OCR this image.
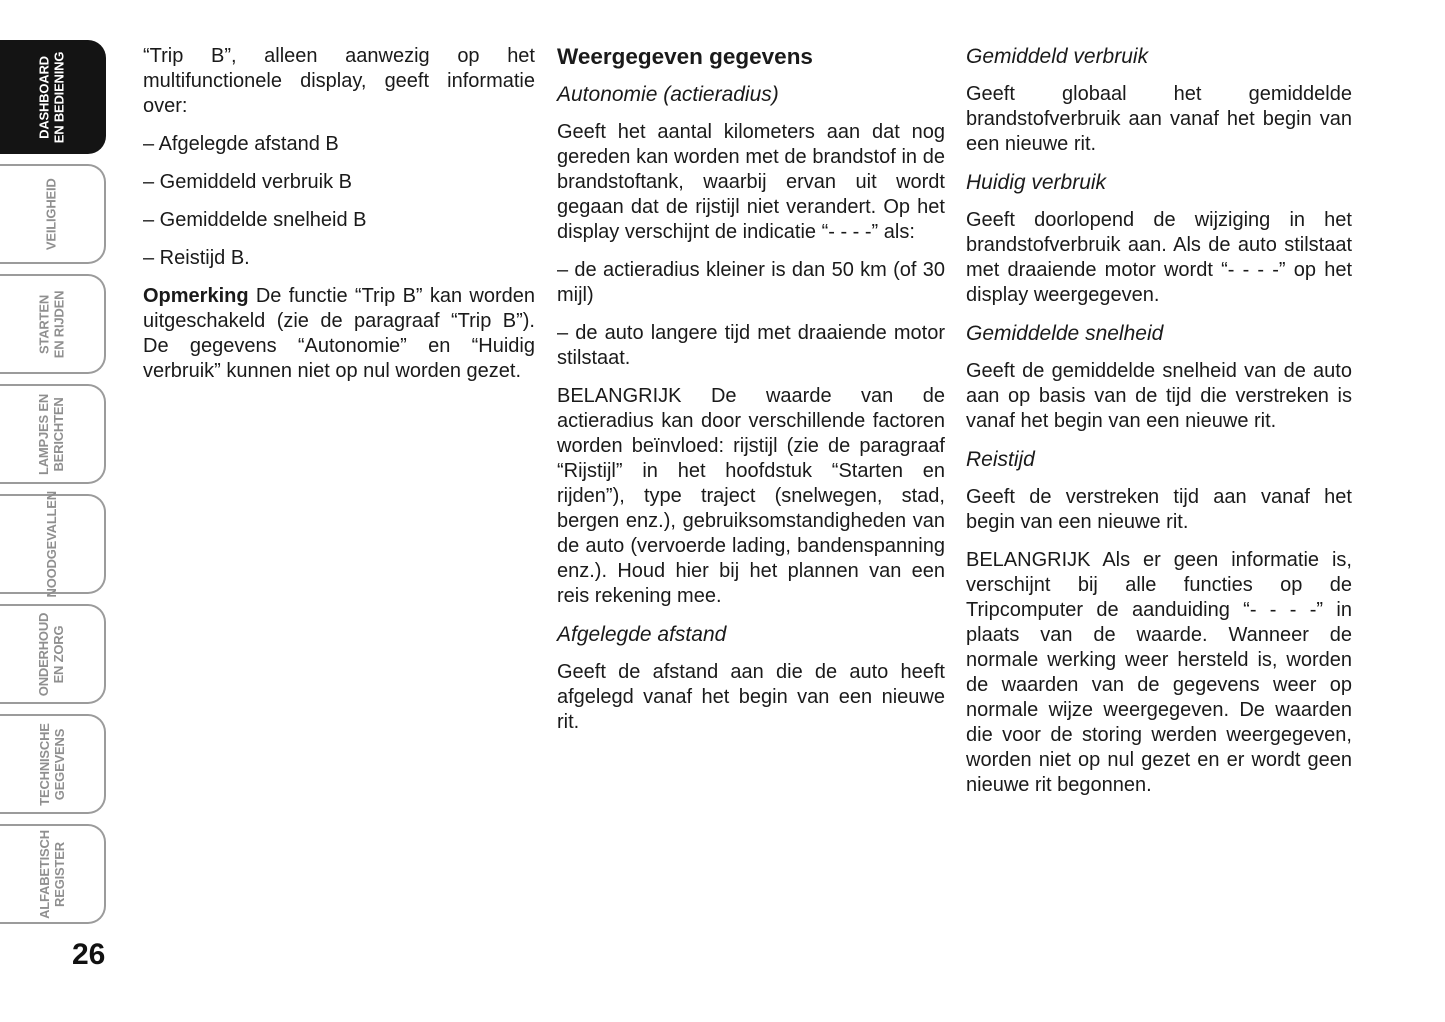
DASHBOARD EN BEDIENING
VEILIGHEID
STARTEN EN RIJDEN
LAMPJES EN BERICHTEN
NOODGEVALLEN
ONDERHOUD EN ZORG
TECHNISCHE GEGEVENS
ALFABETISCH REGISTER
26

“Trip B”, alleen aanwezig op het multifunctionele display, geeft informatie over:

– Afgelegde afstand B

– Gemiddeld verbruik B

– Gemiddelde snelheid B

– Reistijd B.

Opmerking De functie “Trip B” kan worden uitgeschakeld (zie de paragraaf “Trip B”). De gegevens “Autonomie” en “Huidig verbruik” kunnen niet op nul worden gezet.

Weergegeven gegevens
Autonomie (actieradius)

Geeft het aantal kilometers aan dat nog gereden kan worden met de brandstof in de brandstoftank, waarbij ervan uit wordt gegaan dat de rijstijl niet verandert. Op het display verschijnt de indicatie “- - - -” als:

– de actieradius kleiner is dan 50 km (of 30 mijl)

– de auto langere tijd met draaiende motor stilstaat.

BELANGRIJK De waarde van de actieradius kan door verschillende factoren worden beïnvloed: rijstijl (zie de paragraaf “Rijstijl” in het hoofdstuk “Starten en rijden”), type traject (snelwegen, stad, bergen enz.), gebruiksomstandigheden van de auto (vervoerde lading, bandenspanning enz.). Houd hier bij het plannen van een reis rekening mee.

Afgelegde afstand

Geeft de afstand aan die de auto heeft afgelegd vanaf het begin van een nieuwe rit.

Gemiddeld verbruik

Geeft globaal het gemiddelde brandstofverbruik aan vanaf het begin van een nieuwe rit.

Huidig verbruik

Geeft doorlopend de wijziging in het brandstofverbruik aan. Als de auto stilstaat met draaiende motor wordt “- - - -” op het display weergegeven.

Gemiddelde snelheid

Geeft de gemiddelde snelheid van de auto aan op basis van de tijd die verstreken is vanaf het begin van een nieuwe rit.

Reistijd

Geeft de verstreken tijd aan vanaf het begin van een nieuwe rit.

BELANGRIJK Als er geen informatie is, verschijnt bij alle functies op de Tripcomputer de aanduiding “- - - -” in plaats van de waarde. Wanneer de normale werking weer hersteld is, worden de waarden van de gegevens weer op normale wijze weergegeven. De waarden die voor de storing werden weergegeven, worden niet op nul gezet en er wordt geen nieuwe rit begonnen.
